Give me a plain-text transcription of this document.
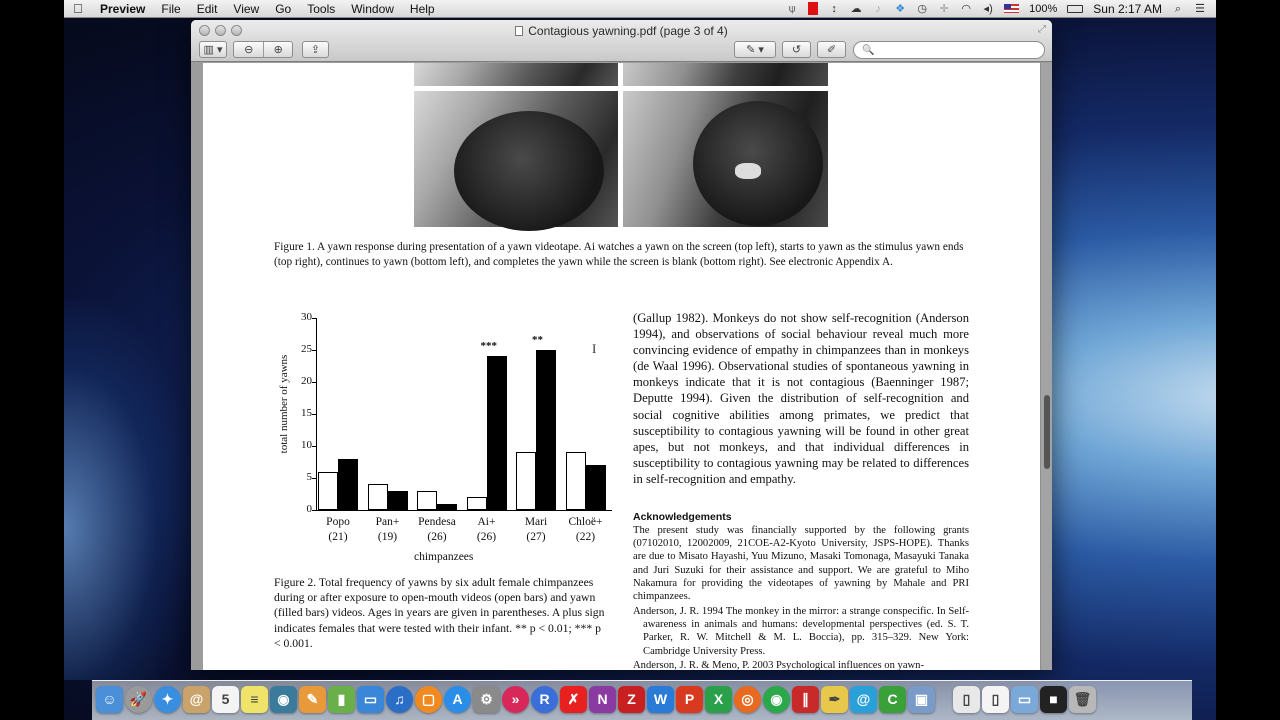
Preview	File	Edit	View	Go	Tools	Window	Help	⍦	↕ ☁ ♪ ❖ ◷ ✛ ◠ ◂)	100%	Sun 2:17 AM ⌕ ☰
Contagious yawning.pdf (page 3 of 4)	⤢
▥ ▾	⊖	⊕	⇪	✎ ▾	↺	✐	🔍
Figure 1. A yawn response during presentation of a yawn videotape. Ai watches a yawn on the screen (top left), starts to yawn as the stimulus yawn ends (top right), continues to yawn (bottom left), and completes the yawn while the screen is blank (bottom right). See electronic Appendix A.
total number of yawns
chimpanzees
0
5
10
15
20
25
30
Popo
(21)
Pan+
(19)
Pendesa
(26)
Ai+
(26)
Mari
(27)
Chloë+
(22)
***
**
Figure 2. Total frequency of yawns by six adult female chimpanzees during or after exposure to open-mouth videos (open bars) and yawn (filled bars) videos. Ages in years are given in parentheses. A plus sign indicates females that were tested with their infant. ** p < 0.01; *** p < 0.001.
(Gallup 1982). Monkeys do not show self-recognition (Anderson 1994), and observations of social behaviour reveal much more convincing evidence of empathy in chimpanzees than in monkeys (de Waal 1996). Observational studies of spontaneous yawning in monkeys indicate that it is not contagious (Baenninger 1987; Deputte 1994). Given the distribution of self-recognition and social cognitive abilities among primates, we predict that susceptibility to contagious yawning will be found in other great apes, but not monkeys, and that individual differences in susceptibility to contagious yawning may be related to differences in self-recognition and empathy.
I
Acknowledgements
The present study was financially supported by the following grants (07102010, 12002009, 21COE-A2-Kyoto University, JSPS-HOPE). Thanks are due to Misato Hayashi, Yuu Mizuno, Masaki Tomonaga, Masayuki Tanaka and Juri Suzuki for their assistance and support. We are grateful to Miho Nakamura for providing the videotapes of yawning by Mahale and PRI chimpanzees.
Anderson, J. R. 1994 The monkey in the mirror: a strange conspecific. In Self-awareness in animals and humans: developmental perspectives (ed. S. T. Parker, R. W. Mitchell & M. L. Boccia), pp. 315–329. New York: Cambridge University Press.
Anderson, J. R. & Meno, P. 2003 Psychological influences on yawn-
☺ 🚀	✦	@	5	≡	◉	✎	▮	▭	♫	▢	A	⚙	»	R	✗	N	Z	W	P	X	◎	◉	∥	✒	@	C	▣	▯	▯	▭	■	🗑
